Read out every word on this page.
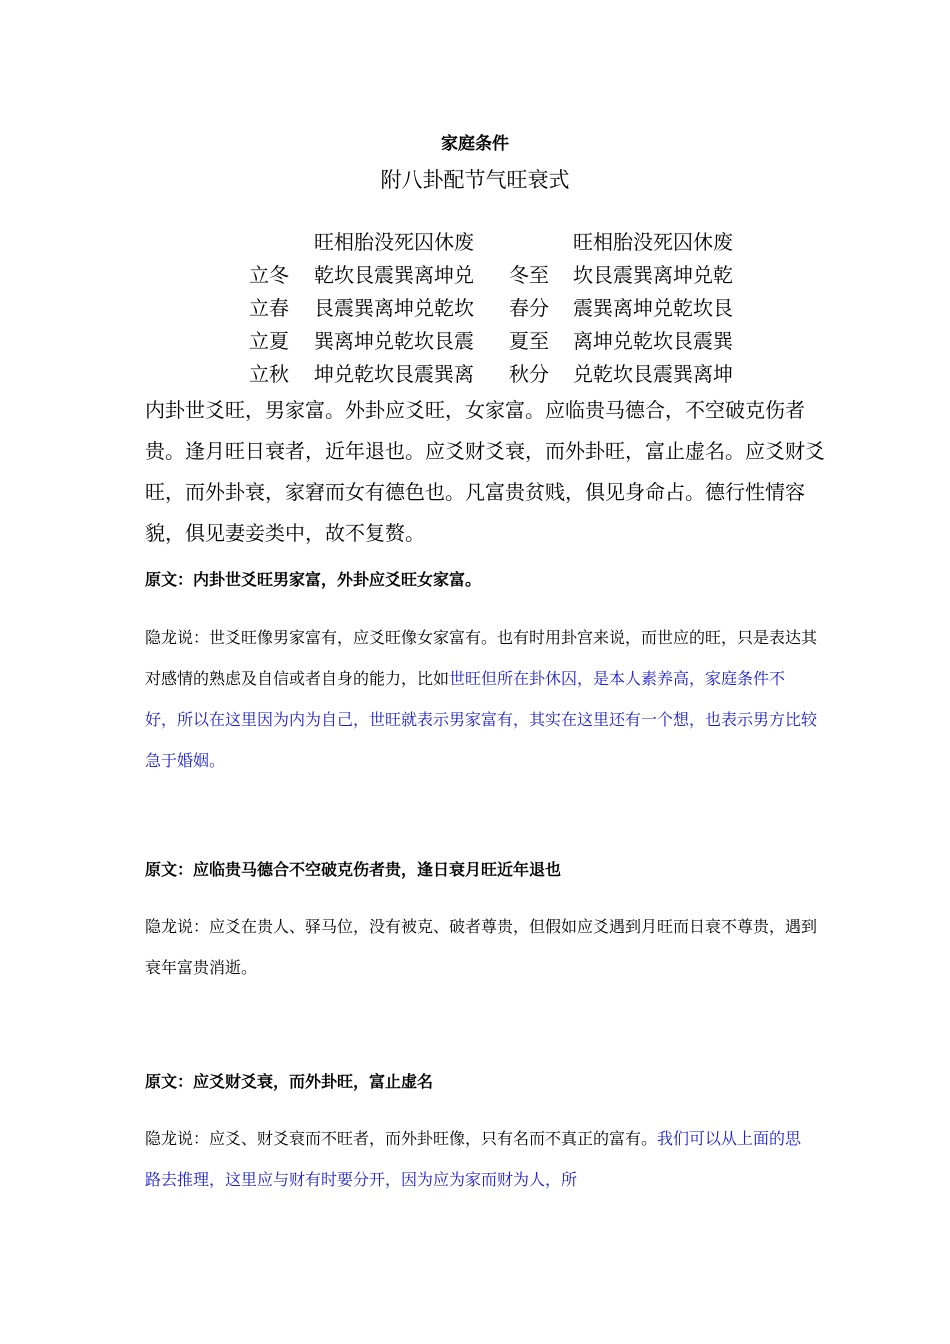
家庭条件
附八卦配节气旺衰式
立冬
立春
立夏
立秋
旺相胎没死囚休废
乾坎艮震巽离坤兑
艮震巽离坤兑乾坎
巽离坤兑乾坎艮震
坤兑乾坎艮震巽离
冬至
春分
夏至
秋分
旺相胎没死囚休废
坎艮震巽离坤兑乾
震巽离坤兑乾坎艮
离坤兑乾坎艮震巽
兑乾坎艮震巽离坤
内卦世爻旺，男家富。外卦应爻旺，女家富。应临贵马德合，不空破克伤者贵。逢月旺日衰者，近年退也。应爻财爻衰，而外卦旺，富止虚名。应爻财爻旺，而外卦衰，家窘而女有德色也。凡富贵贫贱，俱见身命占。德行性情容貌，俱见妻妾类中，故不复赘。
原文：内卦世爻旺男家富，外卦应爻旺女家富。
隐龙说：世爻旺像男家富有，应爻旺像女家富有。也有时用卦宫来说，而世应的旺，只是表达其对感情的熟虑及自信或者自身的能力，比如世旺但所在卦休囚，是本人素养高，家庭条件不好，所以在这里因为内为自己，世旺就表示男家富有，其实在这里还有一个想，也表示男方比较急于婚姻。
原文：应临贵马德合不空破克伤者贵，逢日衰月旺近年退也
隐龙说：应爻在贵人、驿马位，没有被克、破者尊贵，但假如应爻遇到月旺而日衰不尊贵，遇到衰年富贵消逝。
原文：应爻财爻衰，而外卦旺，富止虚名
隐龙说：应爻、财爻衰而不旺者，而外卦旺像，只有名而不真正的富有。我们可以从上面的思路去推理，这里应与财有时要分开，因为应为家而财为人，所
